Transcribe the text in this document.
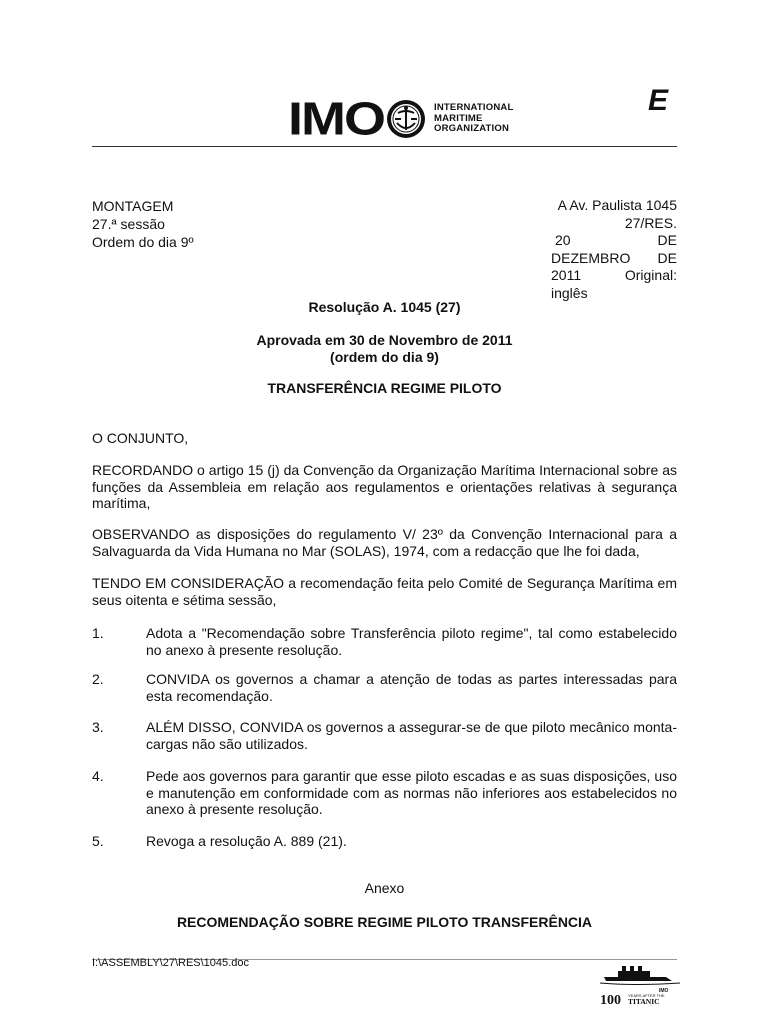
IMO	INTERNATIONAL
MARITIME
ORGANIZATION
E
MONTAGEM
27.ª sessão
Ordem do dia 9º
A Av. Paulista 1045
27/RES.
20	DE
DEZEMBRO DE
2011	Original:
inglês
Resolução A. 1045 (27)
Aprovada em 30 de Novembro de 2011
(ordem do dia 9)
TRANSFERÊNCIA REGIME PILOTO
O CONJUNTO,
RECORDANDO o artigo 15 (j) da Convenção da Organização Marítima Internacional sobre as funções da Assembleia em relação aos regulamentos e orientações relativas à segurança marítima,
OBSERVANDO as disposições do regulamento V/ 23º da Convenção Internacional para a Salvaguarda da Vida Humana no Mar (SOLAS), 1974, com a redacção que lhe foi dada,
TENDO EM CONSIDERAÇÃO a recomendação feita pelo Comité de Segurança Marítima em seus oitenta e sétima sessão,
1.	Adota a "Recomendação sobre Transferência piloto regime", tal como estabelecido no anexo à presente resolução.
2.	CONVIDA os governos a chamar a atenção de todas as partes interessadas para esta recomendação.
3.	ALÉM DISSO, CONVIDA os governos a assegurar-se de que piloto mecânico monta-cargas não são utilizados.
4.	Pede aos governos para garantir que esse piloto escadas e as suas disposições, uso e manutenção em conformidade com as normas não inferiores aos estabelecidos no anexo à presente resolução.
5.	Revoga a resolução A. 889 (21).
Anexo
RECOMENDAÇÃO SOBRE REGIME PILOTO TRANSFERÊNCIA
I:\ASSEMBLY\27\RES\1045.doc
IMO
100 YEARS AFTER THE
TITANIC
